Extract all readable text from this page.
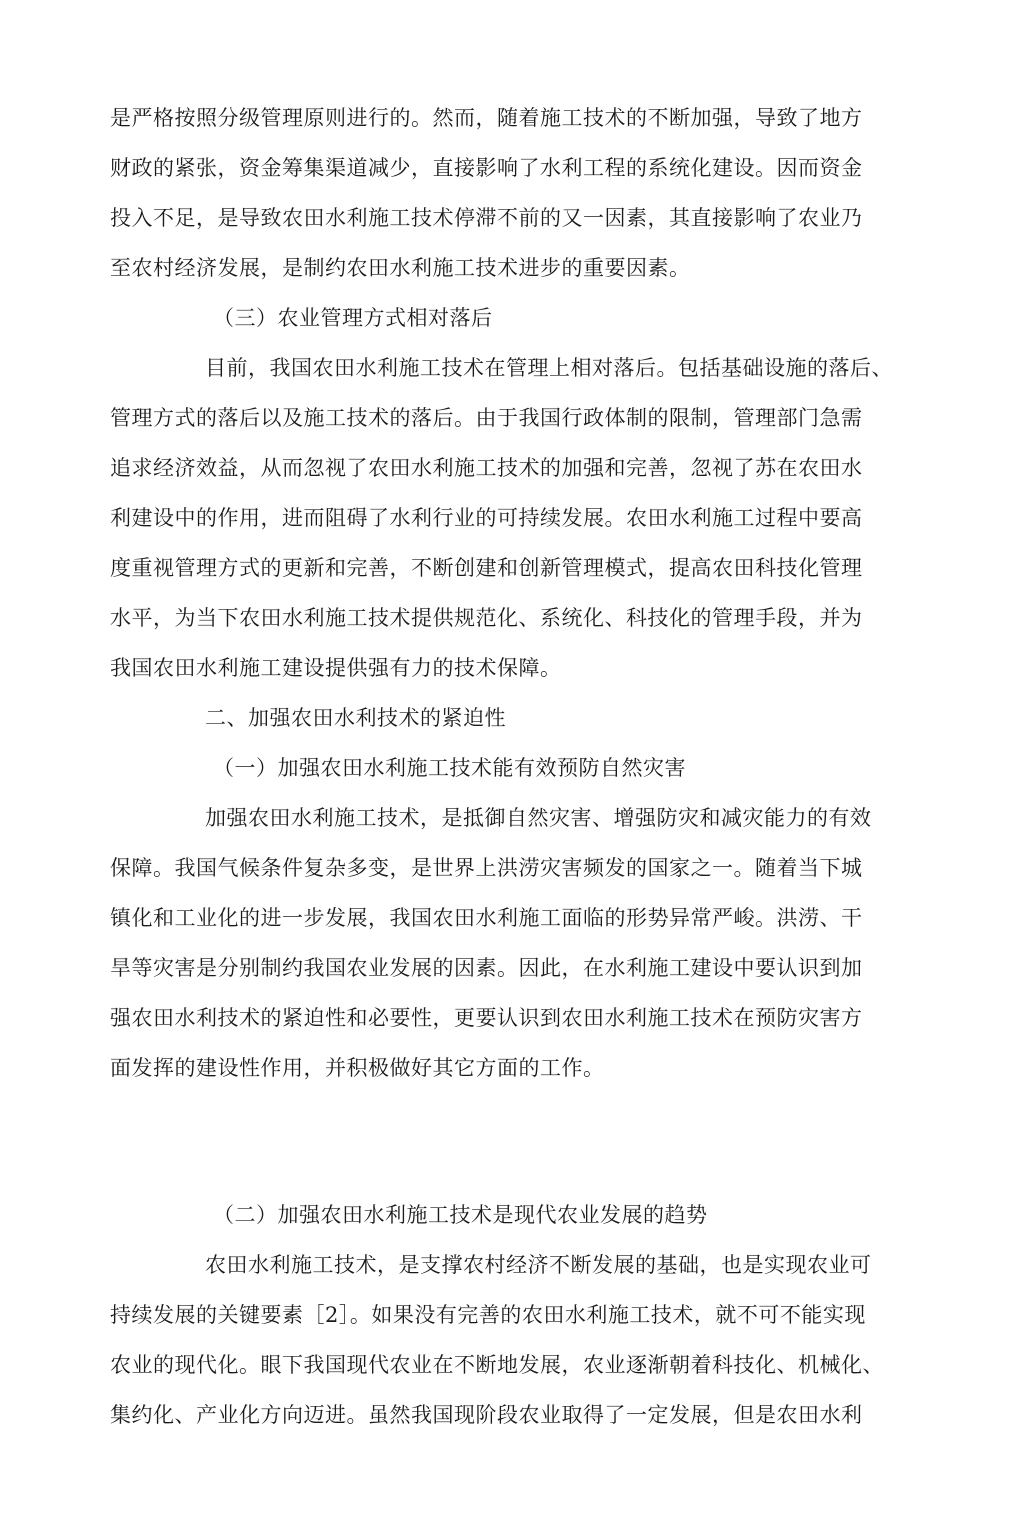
是严格按照分级管理原则进行的。然而，随着施工技术的不断加强，导致了地方
财政的紧张，资金筹集渠道减少，直接影响了水利工程的系统化建设。因而资金
投入不足，是导致农田水利施工技术停滞不前的又一因素，其直接影响了农业乃
至农村经济发展，是制约农田水利施工技术进步的重要因素。
（三）农业管理方式相对落后
目前，我国农田水利施工技术在管理上相对落后。包括基础设施的落后、
管理方式的落后以及施工技术的落后。由于我国行政体制的限制，管理部门急需
追求经济效益，从而忽视了农田水利施工技术的加强和完善，忽视了苏在农田水
利建设中的作用，进而阻碍了水利行业的可持续发展。农田水利施工过程中要高
度重视管理方式的更新和完善，不断创建和创新管理模式，提高农田科技化管理
水平，为当下农田水利施工技术提供规范化、系统化、科技化的管理手段，并为
我国农田水利施工建设提供强有力的技术保障。
二、加强农田水利技术的紧迫性
（一）加强农田水利施工技术能有效预防自然灾害
加强农田水利施工技术，是抵御自然灾害、增强防灾和减灾能力的有效
保障。我国气候条件复杂多变，是世界上洪涝灾害频发的国家之一。随着当下城
镇化和工业化的进一步发展，我国农田水利施工面临的形势异常严峻。洪涝、干
旱等灾害是分别制约我国农业发展的因素。因此，在水利施工建设中要认识到加
强农田水利技术的紧迫性和必要性，更要认识到农田水利施工技术在预防灾害方
面发挥的建设性作用，并积极做好其它方面的工作。
（二）加强农田水利施工技术是现代农业发展的趋势
农田水利施工技术，是支撑农村经济不断发展的基础，也是实现农业可
持续发展的关键要素［2］。如果没有完善的农田水利施工技术，就不可不能实现
农业的现代化。眼下我国现代农业在不断地发展，农业逐渐朝着科技化、机械化、
集约化、产业化方向迈进。虽然我国现阶段农业取得了一定发展，但是农田水利
